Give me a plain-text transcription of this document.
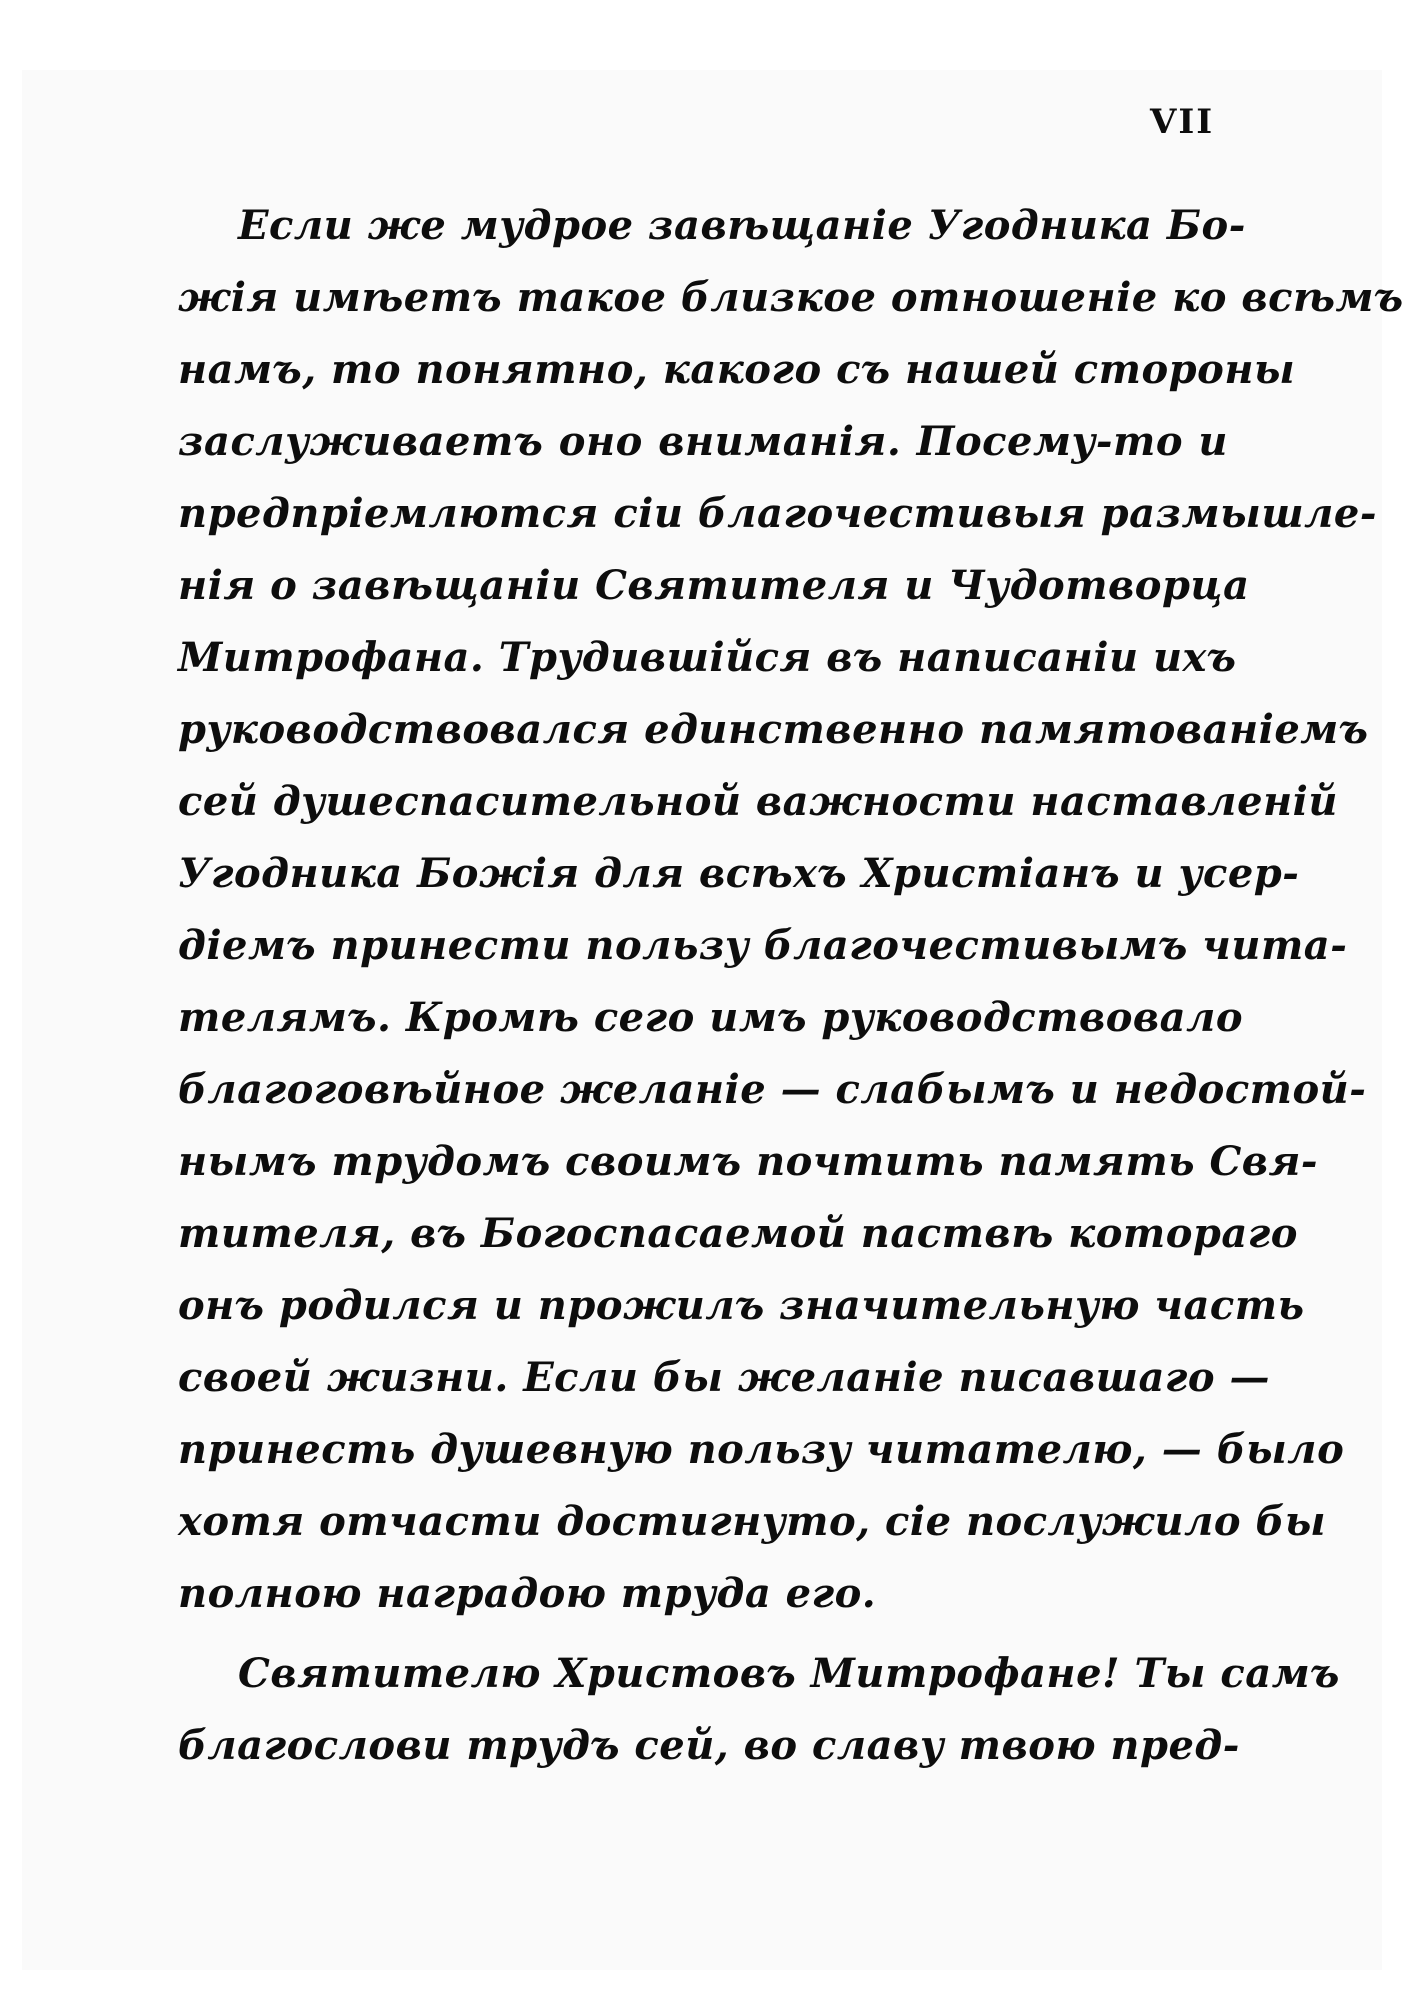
VII
Если же мудрое завѣщаніе Угодника Бо-
жія имѣетъ такое близкое отношеніе ко всѣмъ
намъ, то понятно, какого съ нашей стороны
заслуживаетъ оно вниманія. Посему-то и
предпріемлются сіи благочестивыя размышле-
нія о завѣщаніи Святителя и Чудотворца
Митрофана. Трудившійся въ написаніи ихъ
руководствовался единственно памятованіемъ
сей душеспасительной важности наставленій
Угодника Божія для всѣхъ Христіанъ и усер-
діемъ принести пользу благочестивымъ чита-
телямъ. Кромѣ сего имъ руководствовало
благоговѣйное желаніе — слабымъ и недостой-
нымъ трудомъ своимъ почтить память Свя-
тителя, въ Богоспасаемой паствѣ котораго
онъ родился и прожилъ значительную часть
своей жизни. Если бы желаніе писавшаго —
принесть душевную пользу читателю, — было
хотя отчасти достигнуто, сіе послужило бы
полною наградою труда его.
Святителю Христовъ Митрофане! Ты самъ
благослови трудъ сей, во славу твою пред-
